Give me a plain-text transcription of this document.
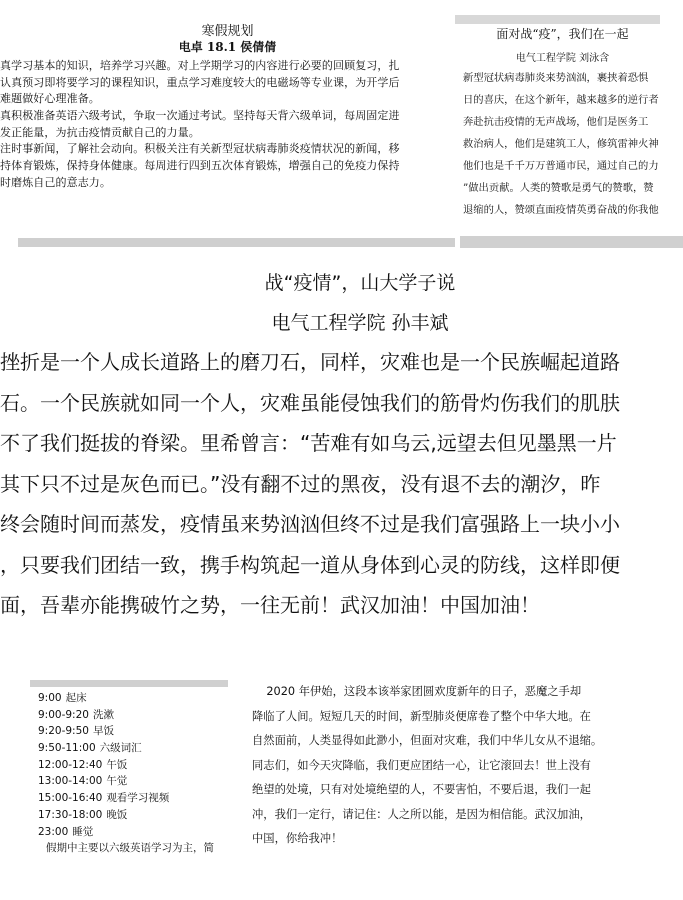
寒假规划
电卓 18.1 侯倩倩
真学习基本的知识，培养学习兴趣。对上学期学习的内容进行必要的回顾复习，扎
认真预习即将要学习的课程知识，重点学习难度较大的电磁场等专业课，为开学后
难题做好心理准备。
真积极准备英语六级考试，争取一次通过考试。坚持每天背六级单词，每周固定进
发正能量，为抗击疫情贡献自己的力量。
注时事新闻，了解社会动向。积极关注有关新型冠状病毒肺炎疫情状况的新闻，移
持体育锻炼，保持身体健康。每周进行四到五次体育锻炼，增强自己的免疫力保持
时磨炼自己的意志力。
面对战“疫”，我们在一起
电气工程学院 刘泳含
新型冠状病毒肺炎来势汹汹，裹挟着恐惧
日的喜庆，在这个新年，越来越多的逆行者
奔赴抗击疫情的无声战场，他们是医务工
救治病人，他们是建筑工人，修筑雷神火神
他们也是千千万万普通市民，通过自己的力
”做出贡献。人类的赞歌是勇气的赞歌，赞
退缩的人，赞颂直面疫情英勇奋战的你我他
战“疫情”，山大学子说
电气工程学院 孙丰斌
挫折是一个人成长道路上的磨刀石，同样，灾难也是一个民族崛起道路
石。一个民族就如同一个人，灾难虽能侵蚀我们的筋骨灼伤我们的肌肤
不了我们挺拔的脊梁。里希曾言：“苦难有如乌云,远望去但见墨黑一片
其下只不过是灰色而已。”没有翻不过的黑夜，没有退不去的潮汐，昨
终会随时间而蒸发，疫情虽来势汹汹但终不过是我们富强路上一块小小
，只要我们团结一致，携手构筑起一道从身体到心灵的防线，这样即便
面，吾辈亦能携破竹之势，一往无前！武汉加油！中国加油！
9:00 起床
9:00-9:20 洗漱
9:20-9:50 早饭
9:50-11:00 六级词汇
12:00-12:40 午饭
13:00-14:00 午觉
15:00-16:40 观看学习视频
17:30-18:00 晚饭
23:00 睡觉
假期中主要以六级英语学习为主，简
2020 年伊始，这段本该举家团圆欢度新年的日子，恶魔之手却
降临了人间。短短几天的时间，新型肺炎便席卷了整个中华大地。在
自然面前，人类显得如此渺小，但面对灾难，我们中华儿女从不退缩。
同志们，如今天灾降临，我们更应团结一心，让它滚回去！世上没有
绝望的处境，只有对处境绝望的人，不要害怕，不要后退，我们一起
冲，我们一定行，请记住：人之所以能，是因为相信能。武汉加油，
中国，你给我冲！
